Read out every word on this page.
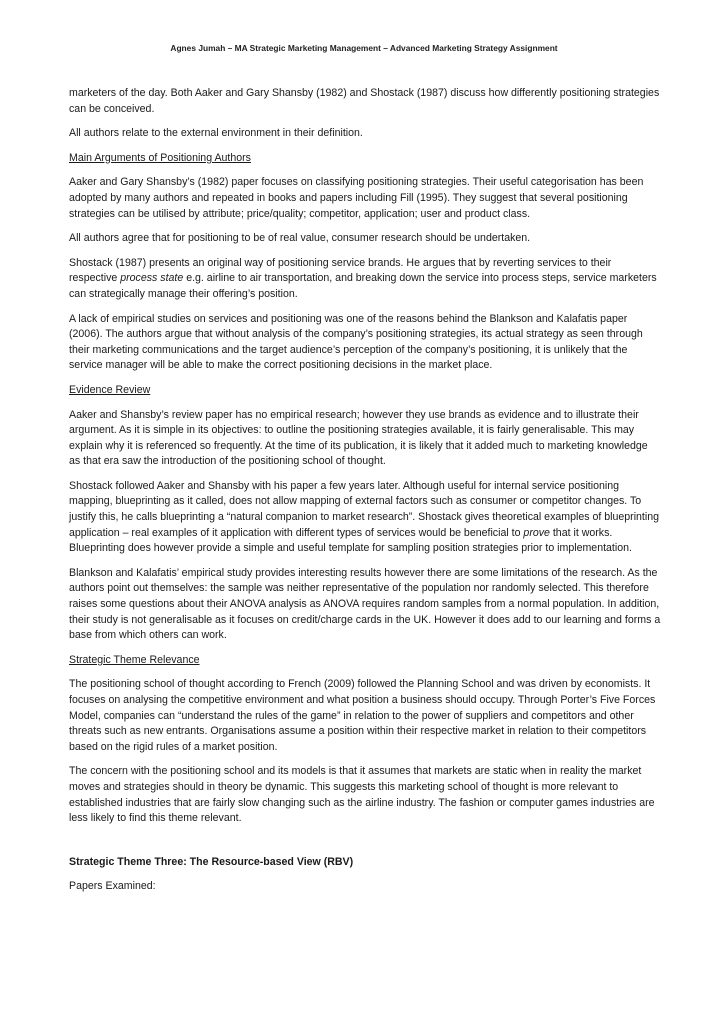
Agnes Jumah – MA Strategic Marketing Management – Advanced Marketing Strategy Assignment

marketers of the day. Both Aaker and Gary Shansby (1982) and Shostack (1987) discuss how differently positioning strategies can be conceived.

All authors relate to the external environment in their definition.

Main Arguments of Positioning Authors

Aaker and Gary Shansby’s (1982) paper focuses on classifying positioning strategies. Their useful categorisation has been adopted by many authors and repeated in books and papers including Fill (1995). They suggest that several positioning strategies can be utilised by attribute; price/quality; competitor, application; user and product class.

All authors agree that for positioning to be of real value, consumer research should be undertaken.

Shostack (1987) presents an original way of positioning service brands. He argues that by reverting services to their respective process state e.g. airline to air transportation, and breaking down the service into process steps, service marketers can strategically manage their offering’s position.

A lack of empirical studies on services and positioning was one of the reasons behind the Blankson and Kalafatis paper (2006). The authors argue that without analysis of the company’s positioning strategies, its actual strategy as seen through their marketing communications and the target audience’s perception of the company’s positioning, it is unlikely that the service manager will be able to make the correct positioning decisions in the market place.

Evidence Review

Aaker and Shansby’s review paper has no empirical research; however they use brands as evidence and to illustrate their argument. As it is simple in its objectives: to outline the positioning strategies available, it is fairly generalisable. This may explain why it is referenced so frequently. At the time of its publication, it is likely that it added much to marketing knowledge as that era saw the introduction of the positioning school of thought.

Shostack followed Aaker and Shansby with his paper a few years later. Although useful for internal service positioning mapping, blueprinting as it called, does not allow mapping of external factors such as consumer or competitor changes. To justify this, he calls blueprinting a “natural companion to market research”. Shostack gives theoretical examples of blueprinting application – real examples of it application with different types of services would be beneficial to prove that it works. Blueprinting does however provide a simple and useful template for sampling position strategies prior to implementation.

Blankson and Kalafatis’ empirical study provides interesting results however there are some limitations of the research. As the authors point out themselves: the sample was neither representative of the population nor randomly selected. This therefore raises some questions about their ANOVA analysis as ANOVA requires random samples from a normal population. In addition, their study is not generalisable as it focuses on credit/charge cards in the UK. However it does add to our learning and forms a base from which others can work.

Strategic Theme Relevance

The positioning school of thought according to French (2009) followed the Planning School and was driven by economists. It focuses on analysing the competitive environment and what position a business should occupy. Through Porter’s Five Forces Model, companies can “understand the rules of the game” in relation to the power of suppliers and competitors and other threats such as new entrants. Organisations assume a position within their respective market in relation to their competitors based on the rigid rules of a market position.

The concern with the positioning school and its models is that it assumes that markets are static when in reality the market moves and strategies should in theory be dynamic. This suggests this marketing school of thought is more relevant to established industries that are fairly slow changing such as the airline industry. The fashion or computer games industries are less likely to find this theme relevant.

Strategic Theme Three: The Resource-based View (RBV)

Papers Examined:
